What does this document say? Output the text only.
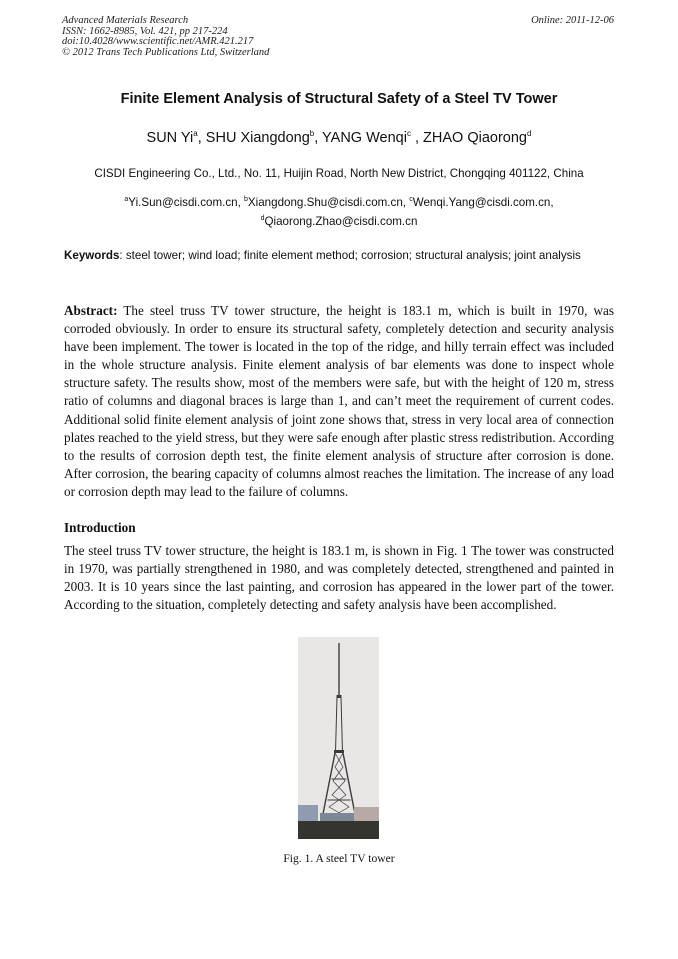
Advanced Materials Research
ISSN: 1662-8985, Vol. 421, pp 217-224
doi:10.4028/www.scientific.net/AMR.421.217
© 2012 Trans Tech Publications Ltd, Switzerland
Online: 2011-12-06
Finite Element Analysis of Structural Safety of a Steel TV Tower
SUN Yi$^a$, SHU Xiangdong$^b$, YANG Wenqi$^c$ , ZHAO Qiaorong$^d$
CISDI Engineering Co., Ltd., No. 11, Huijin Road, North New District, Chongqing 401122, China
$^a$Yi.Sun@cisdi.com.cn, $^b$Xiangdong.Shu@cisdi.com.cn, $^c$Wenqi.Yang@cisdi.com.cn,
$^d$Qiaorong.Zhao@cisdi.com.cn
Keywords: steel tower; wind load; finite element method; corrosion; structural analysis; joint analysis
Abstract: The steel truss TV tower structure, the height is 183.1 m, which is built in 1970, was corroded obviously. In order to ensure its structural safety, completely detection and security analysis have been implement. The tower is located in the top of the ridge, and hilly terrain effect was included in the whole structure analysis. Finite element analysis of bar elements was done to inspect whole structure safety. The results show, most of the members were safe, but with the height of 120 m, stress ratio of columns and diagonal braces is large than 1, and can’t meet the requirement of current codes. Additional solid finite element analysis of joint zone shows that, stress in very local area of connection plates reached to the yield stress, but they were safe enough after plastic stress redistribution. According to the results of corrosion depth test, the finite element analysis of structure after corrosion is done. After corrosion, the bearing capacity of columns almost reaches the limitation. The increase of any load or corrosion depth may lead to the failure of columns.
Introduction
The steel truss TV tower structure, the height is 183.1 m, is shown in Fig. 1 The tower was constructed in 1970, was partially strengthened in 1980, and was completely detected, strengthened and painted in 2003. It is 10 years since the last painting, and corrosion has appeared in the lower part of the tower. According to the situation, completely detecting and safety analysis have been accomplished.
Fig. 1. A steel TV tower
